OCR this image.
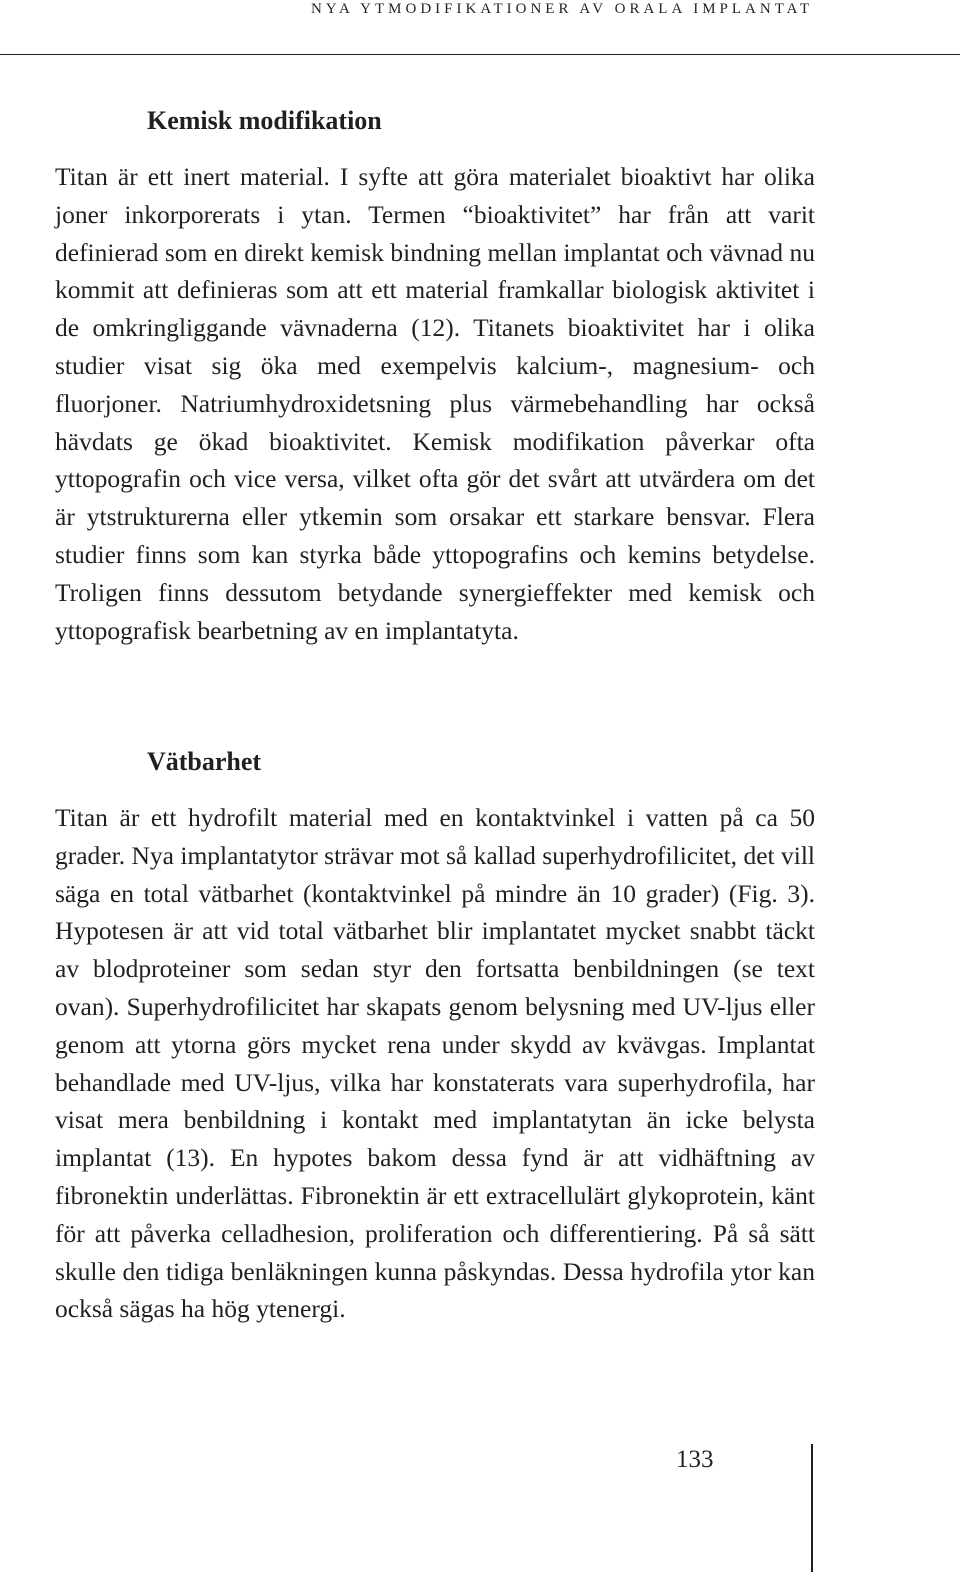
NYA YTMODIFIKATIONER AV ORALA IMPLANTAT
Kemisk modifikation

Titan är ett inert material. I syfte att göra materialet bioaktivt har olika joner inkorporerats i ytan. Termen “bioaktivitet” har från att varit definierad som en direkt kemisk bindning mellan implantat och vävnad nu kommit att definieras som att ett material framkallar biologisk aktivitet i de omkringliggande vävnaderna (12). Titanets bioaktivitet har i olika studier visat sig öka med exempelvis kalcium-, magnesium- och fluorjoner. Natriumhydroxidetsning plus värmebehandling har också hävdats ge ökad bioaktivitet. Kemisk modifikation påverkar ofta yttopografin och vice versa, vilket ofta gör det svårt att utvärdera om det är ytstrukturerna eller ytkemin som orsakar ett starkare bensvar. Flera studier finns som kan styrka både yttopografins och kemins betydelse. Troligen finns dessutom betydande synergieffekter med kemisk och yttopografisk bearbetning av en implantatyta.

Vätbarhet

Titan är ett hydrofilt material med en kontaktvinkel i vatten på ca 50 grader. Nya implantatytor strävar mot så kallad superhydrofilicitet, det vill säga en total vätbarhet (kontaktvinkel på mindre än 10 grader) (Fig. 3). Hypotesen är att vid total vätbarhet blir implantatet mycket snabbt täckt av blodproteiner som sedan styr den fortsatta benbildningen (se text ovan). Superhydrofilicitet har skapats genom belysning med UV-ljus eller genom att ytorna görs mycket rena under skydd av kvävgas. Implantat behandlade med UV-ljus, vilka har konstaterats vara superhydrofila, har visat mera benbildning i kontakt med implantatytan än icke belysta implantat (13). En hypotes bakom dessa fynd är att vidhäftning av fibronektin underlättas. Fibronektin är ett extracellulärt glykoprotein, känt för att påverka celladhesion, proliferation och differentiering. På så sätt skulle den tidiga benläkningen kunna påskyndas. Dessa hydrofila ytor kan också sägas ha hög ytenergi.

133
